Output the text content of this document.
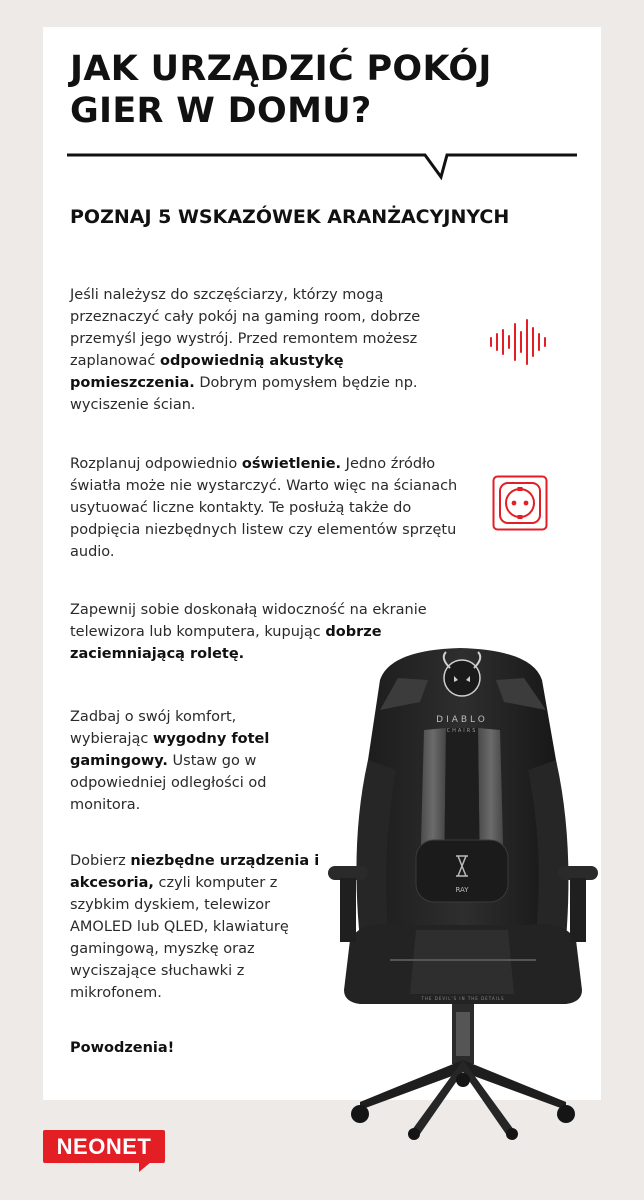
JAK URZĄDZIĆ POKÓJ
GIER W DOMU?
POZNAJ 5 WSKAZÓWEK ARANŻACYJNYCH

Jeśli należysz do szczęściarzy, którzy mogą przeznaczyć cały pokój na gaming room, dobrze przemyśl jego wystrój. Przed remontem możesz zaplanować odpowiednią akustykę pomieszczenia. Dobrym pomysłem będzie np. wyciszenie ścian.

Rozplanuj odpowiednio oświetlenie. Jedno źródło światła może nie wystarczyć. Warto więc na ścianach usytuować liczne kontakty. Te posłużą także do podpięcia niezbędnych listew czy elementów sprzętu audio.

Zapewnij sobie doskonałą widoczność na ekranie telewizora lub komputera, kupując dobrze zaciemniającą roletę.

Zadbaj o swój komfort, wybierając wygodny fotel gamingowy. Ustaw go w odpowiedniej odległości od monitora.

Dobierz niezbędne urządzenia i akcesoria, czyli komputer z szybkim dyskiem, telewizor AMOLED lub QLED, klawiaturę gamingową, myszkę oraz wyciszające słuchawki z mikrofonem.

Powodzenia!
DIABLO
CHAIRS
RAY
THE DEVIL'S IN THE DETAILS
NEONET
